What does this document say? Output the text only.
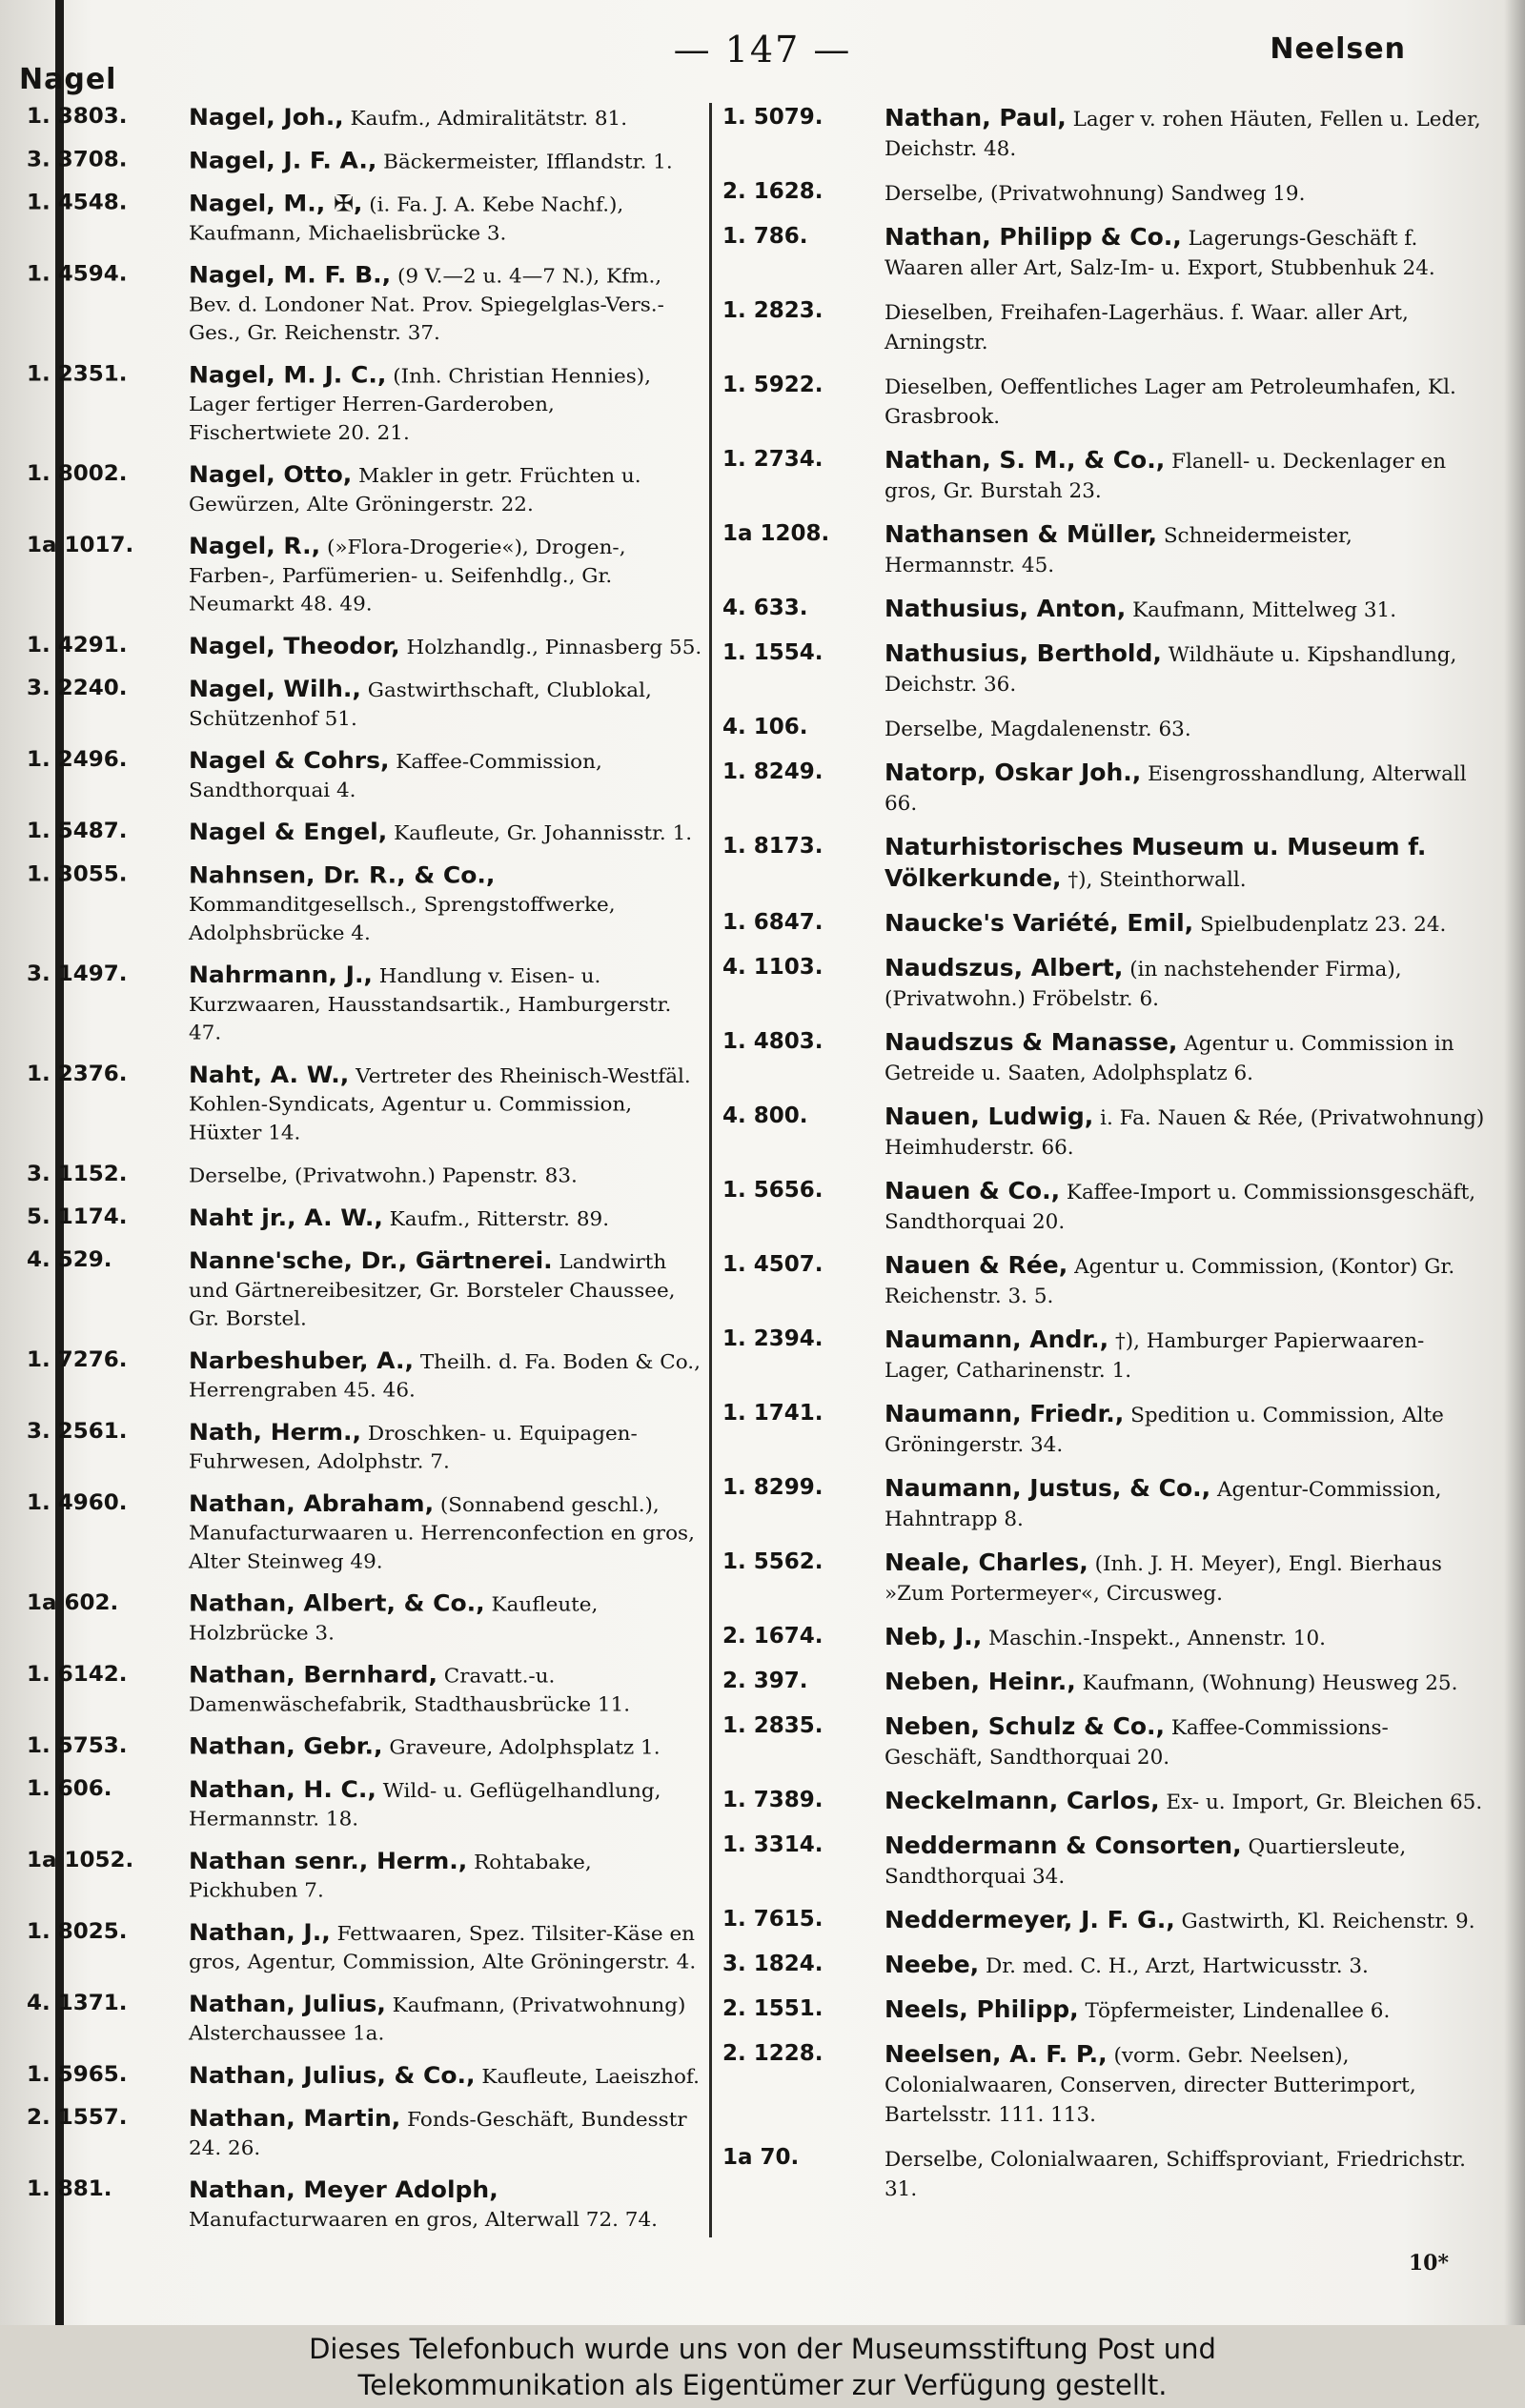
Nagel
— 147 —	Neelsen
1. 3803.	Nagel, Joh., Kaufm., Admiralitätstr. 81.
3. 3708.	Nagel, J. F. A., Bäckermeister, Ifflandstr. 1.
1. 4548.	Nagel, M., ✠, (i. Fa. J. A. Kebe Nachf.), Kaufmann, Michaelisbrücke 3.
1. 4594.	Nagel, M. F. B., (9 V.—2 u. 4—7 N.), Kfm., Bev. d. Londoner Nat. Prov. Spiegelglas-Vers.-Ges., Gr. Reichenstr. 37.
1. 2351.	Nagel, M. J. C., (Inh. Christian Hennies), Lager fertiger Herren-Garderoben, Fischertwiete 20. 21.
1. 8002.	Nagel, Otto, Makler in getr. Früchten u. Gewürzen, Alte Gröningerstr. 22.
1a 1017.	Nagel, R., (»Flora-Drogerie«), Drogen-, Farben-, Parfümerien- u. Seifenhdlg., Gr. Neumarkt 48. 49.
1. 4291.	Nagel, Theodor, Holzhandlg., Pinnasberg 55.
3. 2240.	Nagel, Wilh., Gastwirthschaft, Clublokal, Schützenhof 51.
1. 2496.	Nagel & Cohrs, Kaffee-Commission, Sandthorquai 4.
1. 5487.	Nagel & Engel, Kaufleute, Gr. Johannisstr. 1.
1. 3055.	Nahnsen, Dr. R., & Co., Kommanditgesellsch., Sprengstoffwerke, Adolphsbrücke 4.
3. 1497.	Nahrmann, J., Handlung v. Eisen- u. Kurzwaaren, Hausstandsartik., Hamburgerstr. 47.
1. 2376.	Naht, A. W., Vertreter des Rheinisch-Westfäl. Kohlen-Syndicats, Agentur u. Commission, Hüxter 14.
3. 1152.	Derselbe, (Privatwohn.) Papenstr. 83.
5. 1174.	Naht jr., A. W., Kaufm., Ritterstr. 89.
4. 529.	Nanne'sche, Dr., Gärtnerei. Landwirth und Gärtnereibesitzer, Gr. Borsteler Chaussee, Gr. Borstel.
1. 7276.	Narbeshuber, A., Theilh. d. Fa. Boden & Co., Herrengraben 45. 46.
3. 2561.	Nath, Herm., Droschken- u. Equipagen-Fuhrwesen, Adolphstr. 7.
1. 4960.	Nathan, Abraham, (Sonnabend geschl.), Manufacturwaaren u. Herrenconfection en gros, Alter Steinweg 49.
1a 602.	Nathan, Albert, & Co., Kaufleute, Holzbrücke 3.
1. 6142.	Nathan, Bernhard, Cravatt.-u. Damenwäschefabrik, Stadthausbrücke 11.
1. 5753.	Nathan, Gebr., Graveure, Adolphsplatz 1.
1. 606.	Nathan, H. C., Wild- u. Geflügelhandlung, Hermannstr. 18.
1a 1052.	Nathan senr., Herm., Rohtabake, Pickhuben 7.
1. 8025.	Nathan, J., Fettwaaren, Spez. Tilsiter-Käse en gros, Agentur, Commission, Alte Gröningerstr. 4.
4. 1371.	Nathan, Julius, Kaufmann, (Privatwohnung) Alsterchaussee 1a.
1. 5965.	Nathan, Julius, & Co., Kaufleute, Laeiszhof.
2. 1557.	Nathan, Martin, Fonds-Geschäft, Bundesstr 24. 26.
1. 881.	Nathan, Meyer Adolph, Manufacturwaaren en gros, Alterwall 72. 74.
1. 5079.	Nathan, Paul, Lager v. rohen Häuten, Fellen u. Leder, Deichstr. 48.
2. 1628.	Derselbe, (Privatwohnung) Sandweg 19.
1. 786.	Nathan, Philipp & Co., Lagerungs-Geschäft f. Waaren aller Art, Salz-Im- u. Export, Stubbenhuk 24.
1. 2823.	Dieselben, Freihafen-Lagerhäus. f. Waar. aller Art, Arningstr.
1. 5922.	Dieselben, Oeffentliches Lager am Petroleumhafen, Kl. Grasbrook.
1. 2734.	Nathan, S. M., & Co., Flanell- u. Deckenlager en gros, Gr. Burstah 23.
1a 1208.	Nathansen & Müller, Schneidermeister, Hermannstr. 45.
4. 633.	Nathusius, Anton, Kaufmann, Mittelweg 31.
1. 1554.	Nathusius, Berthold, Wildhäute u. Kipshandlung, Deichstr. 36.
4. 106.	Derselbe, Magdalenenstr. 63.
1. 8249.	Natorp, Oskar Joh., Eisengrosshandlung, Alterwall 66.
1. 8173.	Naturhistorisches Museum u. Museum f. Völkerkunde, †), Steinthorwall.
1. 6847.	Naucke's Variété, Emil, Spielbudenplatz 23. 24.
4. 1103.	Naudszus, Albert, (in nachstehender Firma), (Privatwohn.) Fröbelstr. 6.
1. 4803.	Naudszus & Manasse, Agentur u. Commission in Getreide u. Saaten, Adolphsplatz 6.
4. 800.	Nauen, Ludwig, i. Fa. Nauen & Rée, (Privatwohnung) Heimhuderstr. 66.
1. 5656.	Nauen & Co., Kaffee-Import u. Commissionsgeschäft, Sandthorquai 20.
1. 4507.	Nauen & Rée, Agentur u. Commission, (Kontor) Gr. Reichenstr. 3. 5.
1. 2394.	Naumann, Andr., †), Hamburger Papierwaaren-Lager, Catharinenstr. 1.
1. 1741.	Naumann, Friedr., Spedition u. Commission, Alte Gröningerstr. 34.
1. 8299.	Naumann, Justus, & Co., Agentur-Commission, Hahntrapp 8.
1. 5562.	Neale, Charles, (Inh. J. H. Meyer), Engl. Bierhaus »Zum Portermeyer«, Circusweg.
2. 1674.	Neb, J., Maschin.-Inspekt., Annenstr. 10.
2. 397.	Neben, Heinr., Kaufmann, (Wohnung) Heusweg 25.
1. 2835.	Neben, Schulz & Co., Kaffee-Commissions-Geschäft, Sandthorquai 20.
1. 7389.	Neckelmann, Carlos, Ex- u. Import, Gr. Bleichen 65.
1. 3314.	Neddermann & Consorten, Quartiersleute, Sandthorquai 34.
1. 7615.	Neddermeyer, J. F. G., Gastwirth, Kl. Reichenstr. 9.
3. 1824.	Neebe, Dr. med. C. H., Arzt, Hartwicusstr. 3.
2. 1551.	Neels, Philipp, Töpfermeister, Lindenallee 6.
2. 1228.	Neelsen, A. F. P., (vorm. Gebr. Neelsen), Colonialwaaren, Conserven, directer Butterimport, Bartelsstr. 111. 113.
1a 70.	Derselbe, Colonialwaaren, Schiffsproviant, Friedrichstr. 31.
10*
Dieses Telefonbuch wurde uns von der Museumsstiftung Post und
Telekommunikation als Eigentümer zur Verfügung gestellt.
